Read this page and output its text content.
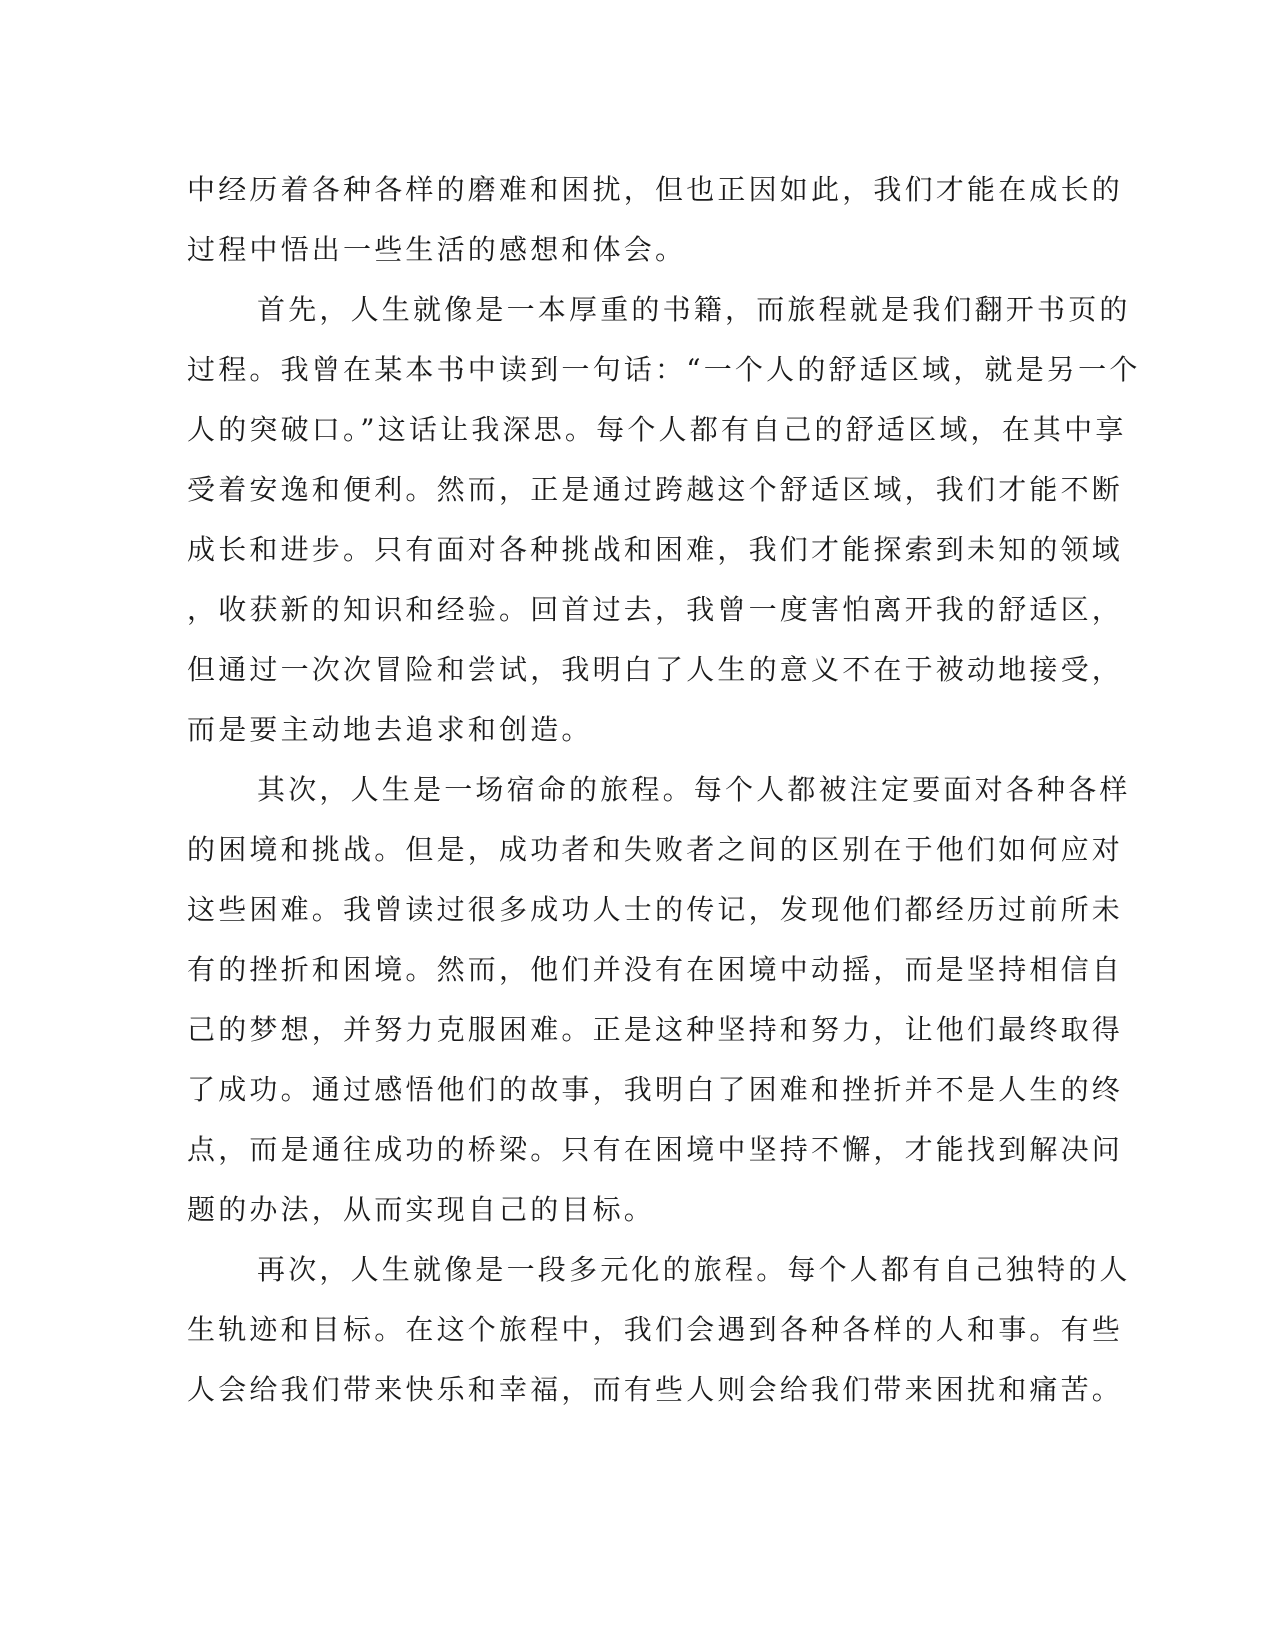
中经历着各种各样的磨难和困扰，但也正因如此，我们才能在成长的
过程中悟出一些生活的感想和体会。
首先，人生就像是一本厚重的书籍，而旅程就是我们翻开书页的
过程。我曾在某本书中读到一句话：“一个人的舒适区域，就是另一个
人的突破口。”这话让我深思。每个人都有自己的舒适区域，在其中享
受着安逸和便利。然而，正是通过跨越这个舒适区域，我们才能不断
成长和进步。只有面对各种挑战和困难，我们才能探索到未知的领域
，收获新的知识和经验。回首过去，我曾一度害怕离开我的舒适区，
但通过一次次冒险和尝试，我明白了人生的意义不在于被动地接受，
而是要主动地去追求和创造。
其次，人生是一场宿命的旅程。每个人都被注定要面对各种各样
的困境和挑战。但是，成功者和失败者之间的区别在于他们如何应对
这些困难。我曾读过很多成功人士的传记，发现他们都经历过前所未
有的挫折和困境。然而，他们并没有在困境中动摇，而是坚持相信自
己的梦想，并努力克服困难。正是这种坚持和努力，让他们最终取得
了成功。通过感悟他们的故事，我明白了困难和挫折并不是人生的终
点，而是通往成功的桥梁。只有在困境中坚持不懈，才能找到解决问
题的办法，从而实现自己的目标。
再次，人生就像是一段多元化的旅程。每个人都有自己独特的人
生轨迹和目标。在这个旅程中，我们会遇到各种各样的人和事。有些
人会给我们带来快乐和幸福，而有些人则会给我们带来困扰和痛苦。
